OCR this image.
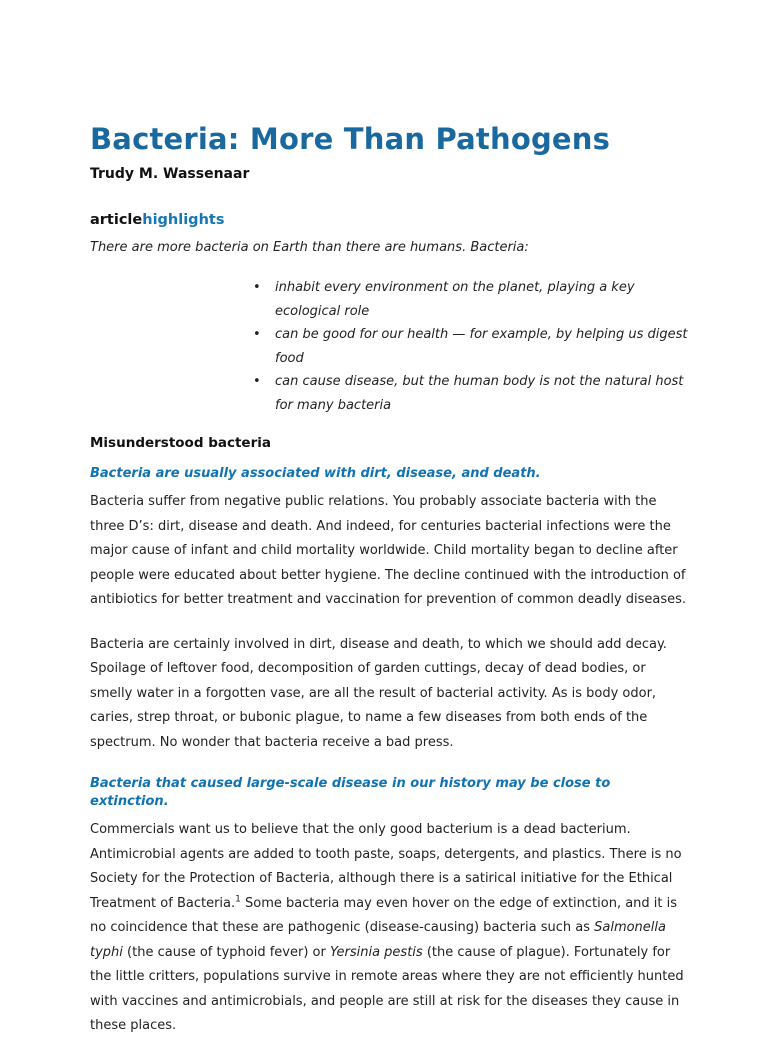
Bacteria: More Than Pathogens
Trudy M. Wassenaar
articlehighlights

There are more bacteria on Earth than there are humans. Bacteria:

•	inhabit every environment on the planet, playing a key ecological role
•	can be good for our health — for example, by helping us digest food
•	can cause disease, but the human body is not the natural host for many bacteria
Misunderstood bacteria
Bacteria are usually associated with dirt, disease, and death.

Bacteria suffer from negative public relations. You probably associate bacteria with the three D’s: dirt, disease and death. And indeed, for centuries bacterial infections were the major cause of infant and child mortality worldwide. Child mortality began to decline after people were educated about better hygiene. The decline continued with the introduction of antibiotics for better treatment and vaccination for prevention of common deadly diseases.

Bacteria are certainly involved in dirt, disease and death, to which we should add decay. Spoilage of leftover food, decomposition of garden cuttings, decay of dead bodies, or smelly water in a forgotten vase, are all the result of bacterial activity. As is body odor, caries, strep throat, or bubonic plague, to name a few diseases from both ends of the spectrum. No wonder that bacteria receive a bad press.

Bacteria that caused large-scale disease in our history may be close to extinction.

Commercials want us to believe that the only good bacterium is a dead bacterium. Antimicrobial agents are added to tooth paste, soaps, detergents, and plastics. There is no Society for the Protection of Bacteria, although there is a satirical initiative for the Ethical Treatment of Bacteria.$^1$ Some bacteria may even hover on the edge of extinction, and it is no coincidence that these are pathogenic (disease-causing) bacteria such as Salmonella typhi (the cause of typhoid fever) or Yersinia pestis (the cause of plague). Fortunately for the little critters, populations survive in remote areas where they are not efficiently hunted with vaccines and antimicrobials, and people are still at risk for the diseases they cause in these places.
